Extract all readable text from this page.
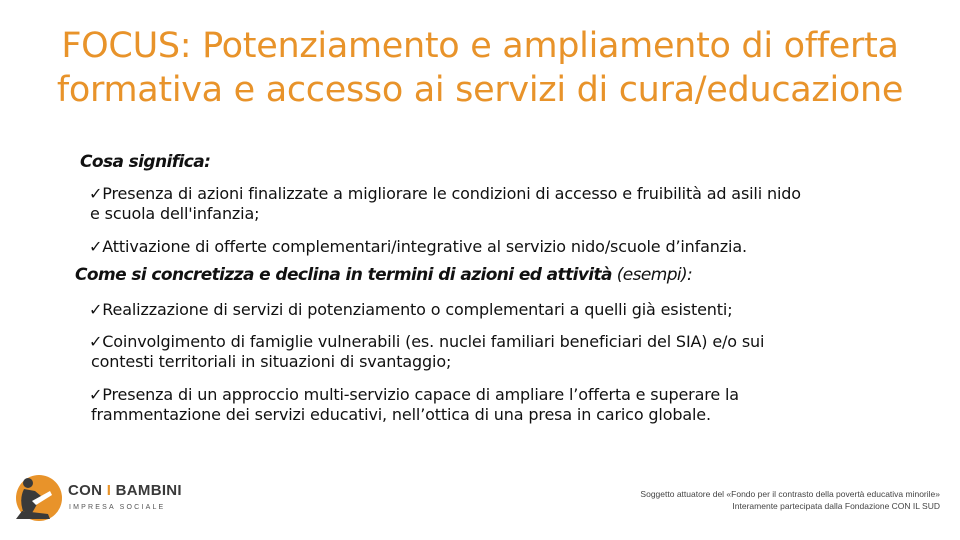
FOCUS: Potenziamento e ampliamento di offerta
formativa e accesso ai servizi di cura/educazione
Cosa significa:
✓Presenza di azioni finalizzate a migliorare le condizioni di accesso e fruibilità ad asili nido
e scuola dell'infanzia;
✓Attivazione di offerte complementari/integrative al servizio nido/scuole d’infanzia.
Come si concretizza e declina in termini di azioni ed attività (esempi):
✓Realizzazione di servizi di potenziamento o complementari a quelli già esistenti;
✓Coinvolgimento di famiglie vulnerabili (es. nuclei familiari beneficiari del SIA) e/o sui
contesti territoriali in situazioni di svantaggio;
✓Presenza di un approccio multi-servizio capace di ampliare l’offerta e superare la
frammentazione dei servizi educativi, nell’ottica di una presa in carico globale.
CON I BAMBINI
IMPRESA SOCIALE
Soggetto attuatore del «Fondo per il contrasto della povertà educativa minorile»
Interamente partecipata dalla Fondazione CON IL SUD
